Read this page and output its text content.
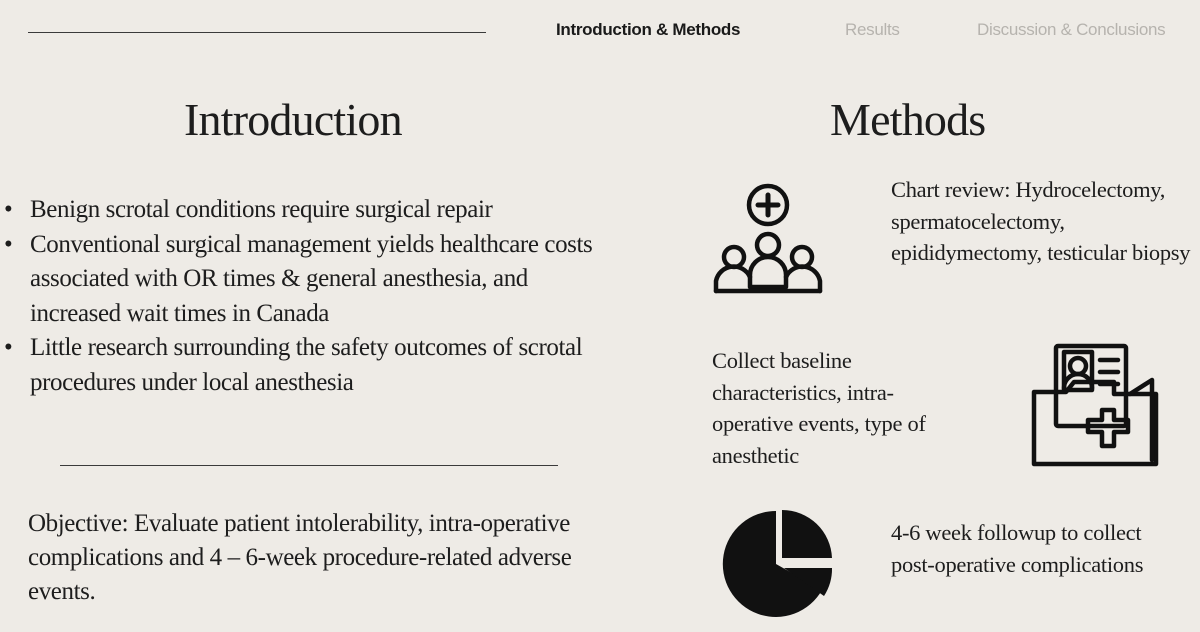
Introduction & Methods	Results	Discussion & Conclusions
Introduction	Methods
• Benign scrotal conditions require surgical repair
• Conventional surgical management yields healthcare costs associated with OR times & general anesthesia, and increased wait times in Canada
• Little research surrounding the safety outcomes of scrotal procedures under local anesthesia
Objective: Evaluate patient intolerability, intra-operative complications and 4 – 6-week procedure-related adverse events.
Chart review: Hydrocelectomy, spermatocelectomy, epididymectomy, testicular biopsy
Collect baseline characteristics, intra-operative events, type of anesthetic
4-6 week followup to collect post-operative complications
